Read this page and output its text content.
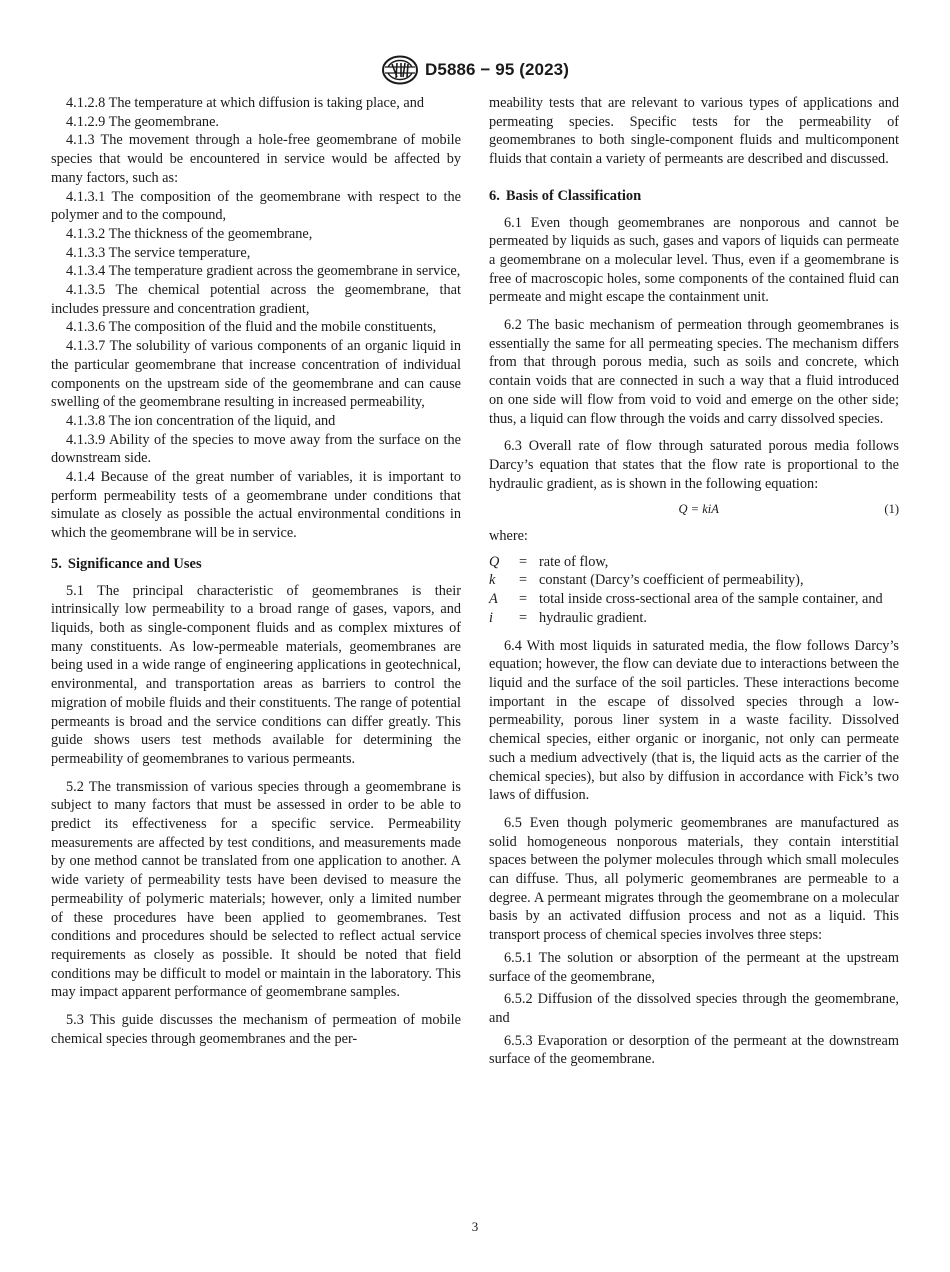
D5886 − 95 (2023)

4.1.2.8 The temperature at which diffusion is taking place, and

4.1.2.9 The geomembrane.

4.1.3 The movement through a hole-free geomembrane of mobile species that would be encountered in service would be affected by many factors, such as:

4.1.3.1 The composition of the geomembrane with respect to the polymer and to the compound,

4.1.3.2 The thickness of the geomembrane,

4.1.3.3 The service temperature,

4.1.3.4 The temperature gradient across the geomembrane in service,

4.1.3.5 The chemical potential across the geomembrane, that includes pressure and concentration gradient,

4.1.3.6 The composition of the fluid and the mobile constituents,

4.1.3.7 The solubility of various components of an organic liquid in the particular geomembrane that increase concentration of individual components on the upstream side of the geomembrane and can cause swelling of the geomembrane resulting in increased permeability,

4.1.3.8 The ion concentration of the liquid, and

4.1.3.9 Ability of the species to move away from the surface on the downstream side.

4.1.4 Because of the great number of variables, it is important to perform permeability tests of a geomembrane under conditions that simulate as closely as possible the actual environmental conditions in which the geomembrane will be in service.

5. Significance and Uses

5.1 The principal characteristic of geomembranes is their intrinsically low permeability to a broad range of gases, vapors, and liquids, both as single-component fluids and as complex mixtures of many constituents. As low-permeable materials, geomembranes are being used in a wide range of engineering applications in geotechnical, environmental, and transportation areas as barriers to control the migration of mobile fluids and their constituents. The range of potential permeants is broad and the service conditions can differ greatly. This guide shows users test methods available for determining the permeability of geomembranes to various permeants.

5.2 The transmission of various species through a geomembrane is subject to many factors that must be assessed in order to be able to predict its effectiveness for a specific service. Permeability measurements are affected by test conditions, and measurements made by one method cannot be translated from one application to another. A wide variety of permeability tests have been devised to measure the permeability of polymeric materials; however, only a limited number of these procedures have been applied to geomembranes. Test conditions and procedures should be selected to reflect actual service requirements as closely as possible. It should be noted that field conditions may be difficult to model or maintain in the laboratory. This may impact apparent performance of geomembrane samples.

5.3 This guide discusses the mechanism of permeation of mobile chemical species through geomembranes and the per-

meability tests that are relevant to various types of applications and permeating species. Specific tests for the permeability of geomembranes to both single-component fluids and multicomponent fluids that contain a variety of permeants are described and discussed.

6. Basis of Classification

6.1 Even though geomembranes are nonporous and cannot be permeated by liquids as such, gases and vapors of liquids can permeate a geomembrane on a molecular level. Thus, even if a geomembrane is free of macroscopic holes, some components of the contained fluid can permeate and might escape the containment unit.

6.2 The basic mechanism of permeation through geomembranes is essentially the same for all permeating species. The mechanism differs from that through porous media, such as soils and concrete, which contain voids that are connected in such a way that a fluid introduced on one side will flow from void to void and emerge on the other side; thus, a liquid can flow through the voids and carry dissolved species.

6.3 Overall rate of flow through saturated porous media follows Darcy’s equation that states that the flow rate is proportional to the hydraulic gradient, as is shown in the following equation:

Q = kiA	(1)

where:

Q	= rate of flow,
k	= constant (Darcy’s coefficient of permeability),
A	= total inside cross-sectional area of the sample container, and
i	= hydraulic gradient.

6.4 With most liquids in saturated media, the flow follows Darcy’s equation; however, the flow can deviate due to interactions between the liquid and the surface of the soil particles. These interactions become important in the escape of dissolved species through a low-permeability, porous liner system in a waste facility. Dissolved chemical species, either organic or inorganic, not only can permeate such a medium advectively (that is, the liquid acts as the carrier of the chemical species), but also by diffusion in accordance with Fick’s two laws of diffusion.

6.5 Even though polymeric geomembranes are manufactured as solid homogeneous nonporous materials, they contain interstitial spaces between the polymer molecules through which small molecules can diffuse. Thus, all polymeric geomembranes are permeable to a degree. A permeant migrates through the geomembrane on a molecular basis by an activated diffusion process and not as a liquid. This transport process of chemical species involves three steps:

6.5.1 The solution or absorption of the permeant at the upstream surface of the geomembrane,

6.5.2 Diffusion of the dissolved species through the geomembrane, and

6.5.3 Evaporation or desorption of the permeant at the downstream surface of the geomembrane.

3
